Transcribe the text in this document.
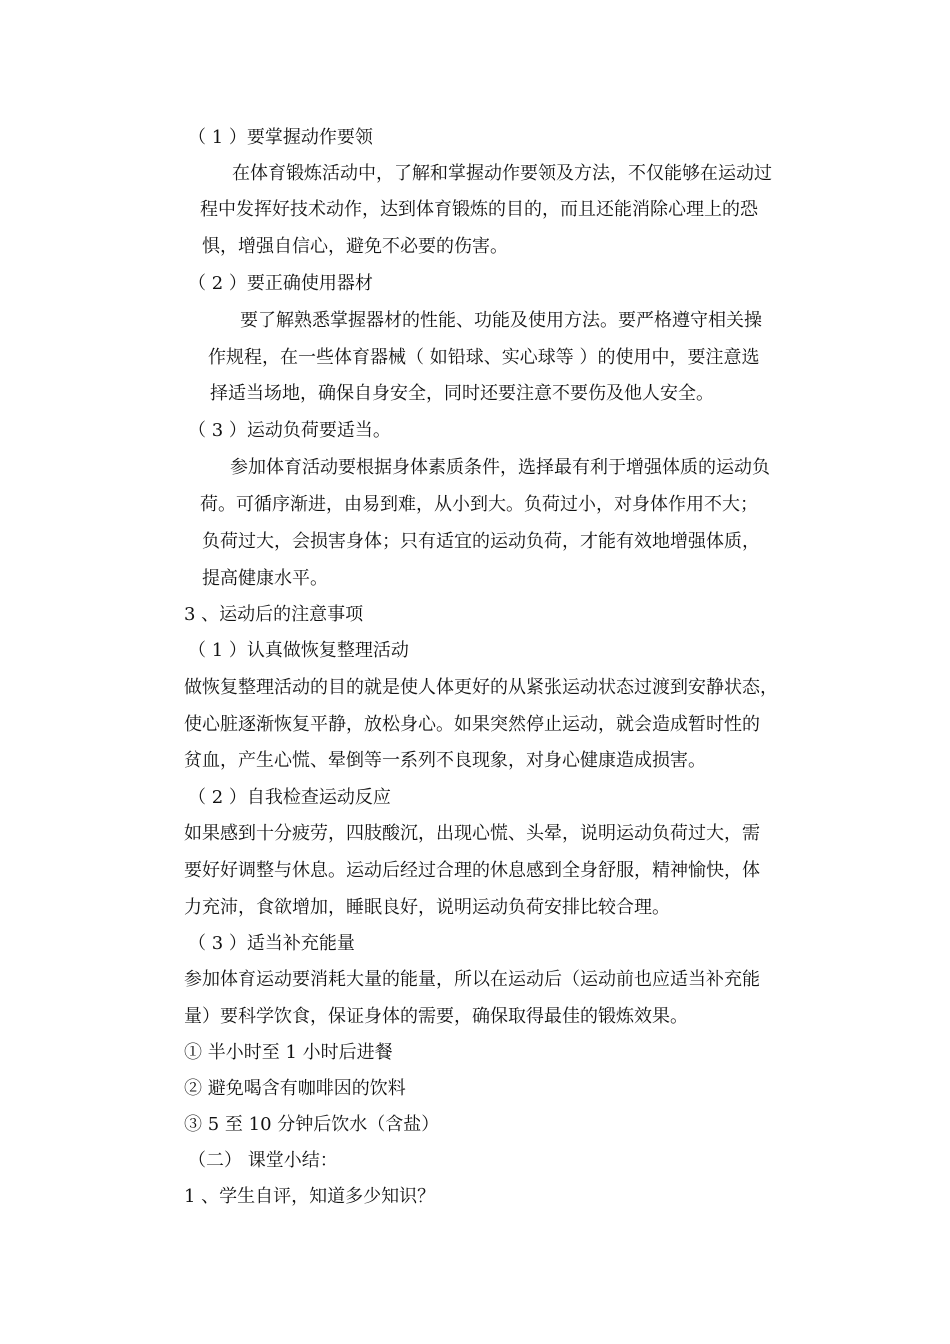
（ 1 ）要掌握动作要领
在体育锻炼活动中，了解和掌握动作要领及方法，不仅能够在运动过
程中发挥好技术动作，达到体育锻炼的目的，而且还能消除心理上的恐
惧，增强自信心，避免不必要的伤害。
（ 2 ）要正确使用器材
要了解熟悉掌握器材的性能、功能及使用方法。要严格遵守相关操
作规程，在一些体育器械（ 如铅球、实心球等 ）的使用中，要注意选
择适当场地，确保自身安全，同时还要注意不要伤及他人安全。
（ 3 ）运动负荷要适当。
参加体育活动要根据身体素质条件，选择最有利于增强体质的运动负
荷。可循序渐进，由易到难，从小到大。负荷过小，对身体作用不大；
负荷过大，会损害身体；只有适宜的运动负荷，才能有效地增强体质，
提高健康水平。
3 、运动后的注意事项
（ 1 ）认真做恢复整理活动
做恢复整理活动的目的就是使人体更好的从紧张运动状态过渡到安静状态，
使心脏逐渐恢复平静，放松身心。如果突然停止运动，就会造成暂时性的
贫血，产生心慌、晕倒等一系列不良现象，对身心健康造成损害。
（ 2 ）自我检查运动反应
如果感到十分疲劳，四肢酸沉，出现心慌、头晕，说明运动负荷过大，需
要好好调整与休息。运动后经过合理的休息感到全身舒服，精神愉快，体
力充沛，食欲增加，睡眠良好，说明运动负荷安排比较合理。
（ 3 ）适当补充能量
参加体育运动要消耗大量的能量，所以在运动后（运动前也应适当补充能
量）要科学饮食，保证身体的需要，确保取得最佳的锻炼效果。
① 半小时至 1 小时后进餐
② 避免喝含有咖啡因的饮料
③ 5 至 10 分钟后饮水（含盐）
（二） 课堂小结：
1 、学生自评，知道多少知识？
